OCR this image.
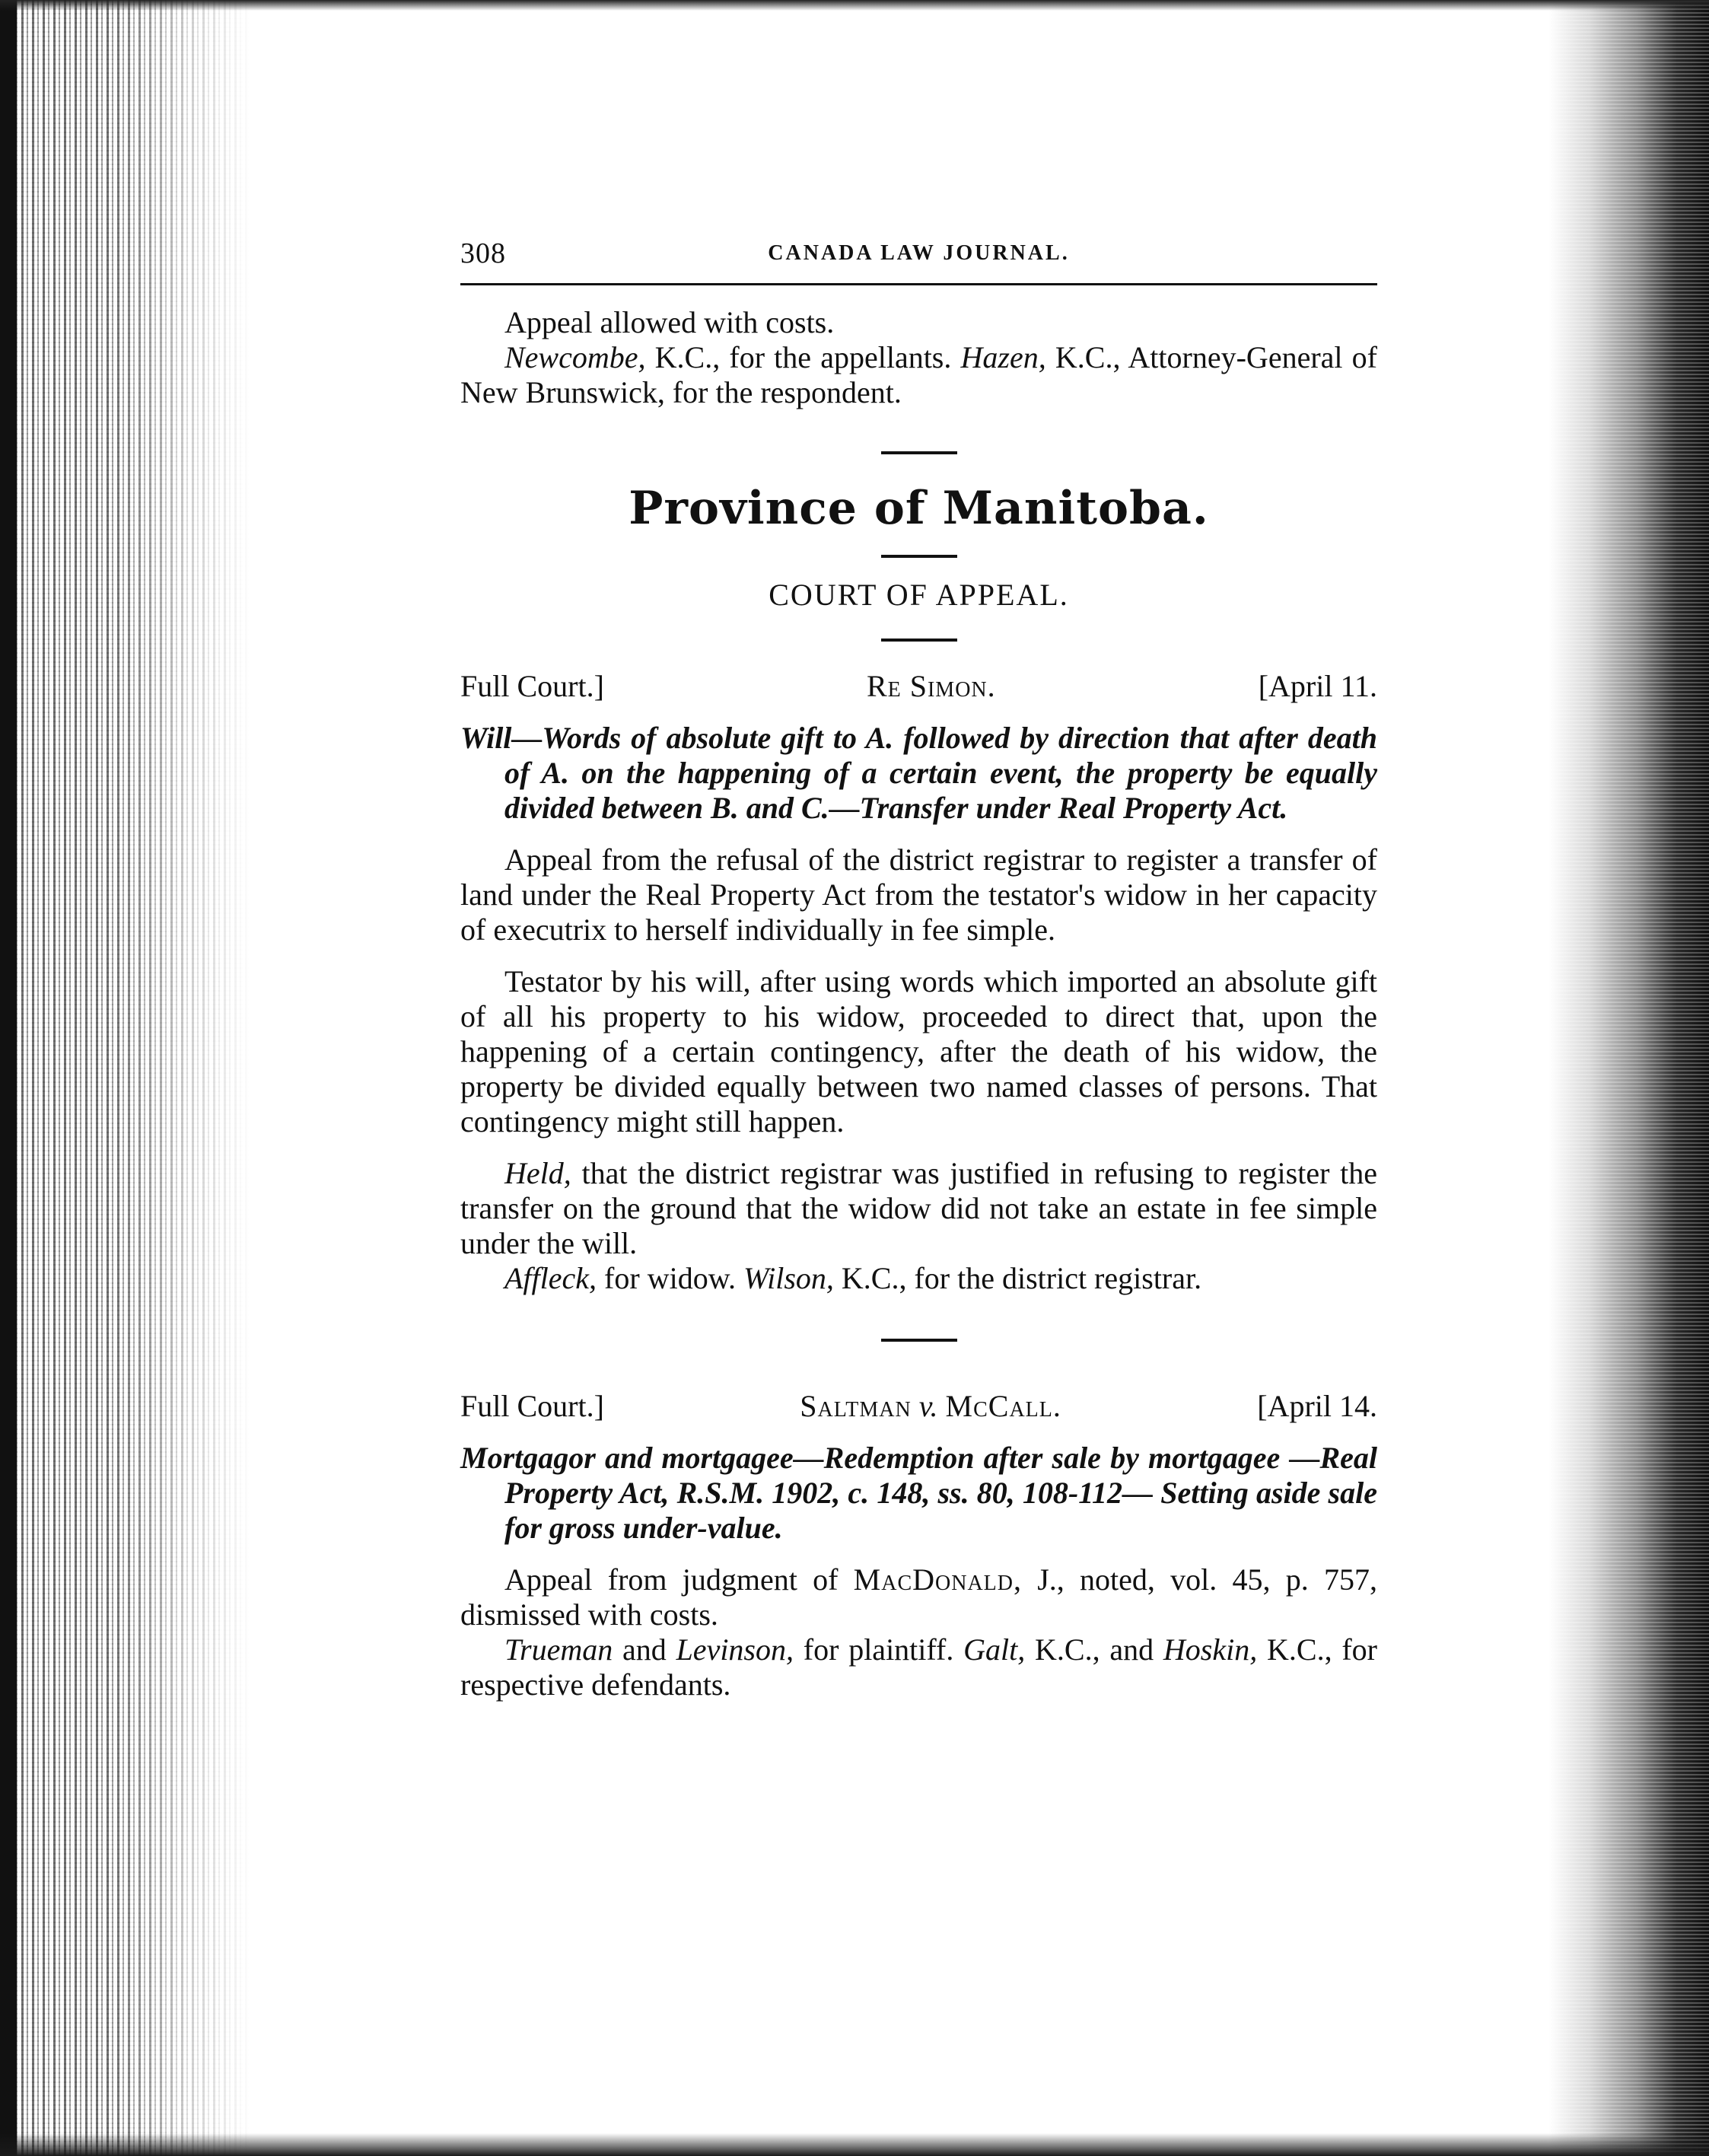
308	CANADA LAW JOURNAL.

Appeal allowed with costs.

Newcombe, K.C., for the appellants. Hazen, K.C., Attorney-General of New Brunswick, for the respondent.

Province of Manitoba.
COURT OF APPEAL.
Full Court.]	Re Simon.	[April 11.

Will—Words of absolute gift to A. followed by direction that after death of A. on the happening of a certain event, the property be equally divided between B. and C.—Transfer under Real Property Act.

Appeal from the refusal of the district registrar to register a transfer of land under the Real Property Act from the testator's widow in her capacity of executrix to herself individually in fee simple.

Testator by his will, after using words which imported an absolute gift of all his property to his widow, proceeded to direct that, upon the happening of a certain contingency, after the death of his widow, the property be divided equally between two named classes of persons. That contingency might still happen.

Held, that the district registrar was justified in refusing to register the transfer on the ground that the widow did not take an estate in fee simple under the will.

Affleck, for widow. Wilson, K.C., for the district registrar.

Full Court.]	Saltman v. McCall.	[April 14.

Mortgagor and mortgagee—Redemption after sale by mortgagee —Real Property Act, R.S.M. 1902, c. 148, ss. 80, 108-112— Setting aside sale for gross under-value.

Appeal from judgment of MacDonald, J., noted, vol. 45, p. 757, dismissed with costs.

Trueman and Levinson, for plaintiff. Galt, K.C., and Hoskin, K.C., for respective defendants.
